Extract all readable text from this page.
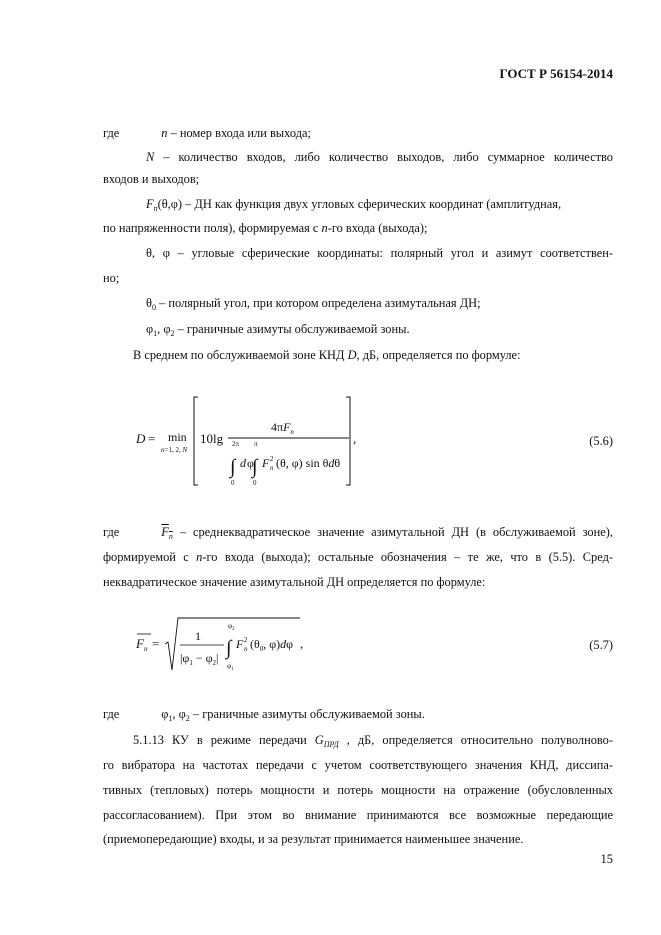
ГОСТ Р 56154-2014
где	n – номер входа или выхода;
N – количество входов, либо количество выходов, либо суммарное количество
входов и выходов;
$F_n(\theta,\varphi)$ – ДН как функция двух угловых сферических координат (амплитудная,
по напряженности поля), формируемая с n-го входа (выхода);
θ, φ – угловые сферические координаты: полярный угол и азимут соответствен-
но;
$\theta_0$ – полярный угол, при котором определена азимутальная ДН;
$\varphi_1$, $\varphi_2$ – граничные азимуты обслуживаемой зоны.
В среднем по обслуживаемой зоне КНД D, дБ, определяется по формуле:
D = min
n=1, 2, N
10lg
$4\pi F_n$
2π
∫
0
d φ
π
∫
0
F 2
n (θ, φ) sin θdθ
,	(5.6)
где	$F_n$ – среднеквадратическое значение азимутальной ДН (в обслуживаемой зоне),
формируемой с n-го входа (выхода); остальные обозначения – те же, что в (5.5). Сред-
неквадратическое значение азимутальной ДН определяется по формуле:
F n =	1
$|\varphi_1 - \varphi_2|$
$\varphi_2$
∫
$\varphi_1$
F 2
n ($\theta_0$, φ)dφ ,	(5.7)
где	$\varphi_1$, $\varphi_2$ – граничные азимуты обслуживаемой зоны.
5.1.13 КУ в режиме передачи $G_{ПРД}$ , дБ, определяется относительно полуволново-
го вибратора на частотах передачи с учетом соответствующего значения КНД, диссипа-
тивных (тепловых) потерь мощности и потерь мощности на отражение (обусловленных
рассогласованием). При этом во внимание принимаются все возможные передающие
(приемопередающие) входы, и за результат принимается наименьшее значение.
15
